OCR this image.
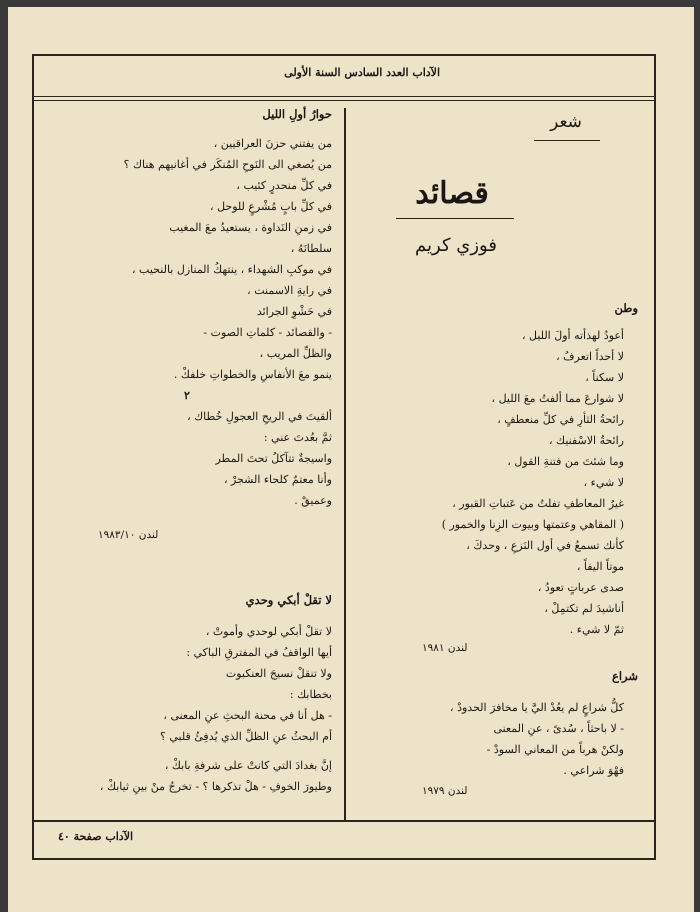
الآداب العدد السادس السنة الأولى
شعر
قصائد
فوزي كريم
وطن
أعودُ لهذأته أولَ الليل ،
لا أحداً اتعرفُ ،
لا سكناً ،
لا شوارعَ مما ألفتُ معَ الليل ،
رائحةُ الثأرِ في كلِّ منعطفٍ ،
رائحةُ الاسْفنيك ،
وما شئتَ من فتنةِ القول ،
لا شيء ،
غيرُ المعاطفِ تفلتُ من عَتباتِ القبور ،
( المقاهي وعتمتها وبيوت الزِنا والخمور )
كأنك تسمعُ في أول النَزعِ ، وحدكَ ،
موتاً اليفاً ،
صدى عرباتٍ تعودُ ،
أناشيدَ لم تكتمِلْ ،
ثمّ لا شيء .
لندن ١٩٨١
شراع
كلُّ شراعٍ لم يعُدْ اليَّ يا مخافرَ الحدودْ ،
- لا باحثاً ، سُدىً ، عنِ المعنى
ولكنْ هرباً من المعاني السودْ -
فهْوَ شراعي .
لندن ١٩٧٩
حوارُ أولِ الليل
من يفتني حزنَ العراقيين ،
من يُصغي الى النَوحِ المُنكَر في أغانيهم هناك ؟
في كلِّ منحدرٍ كئيب ،
في كلِّ بابٍ مُشْرعٍ للوحل ،
في زمنِ النَداوة ، يستعيدُ معَ المغيب
سلطانَهُ ،
في موكبِ الشهداء ، ينتهكُ المنازل بالنحيب ،
في رايةِ الاسمنت ،
في حَشْوِ الجرائد
- والقصائد - كلماتِ الصوت -
والظلِّ المريب ،
ينمو معَ الأنفاسِ والخطواتِ خلفكْ .
٢
ألقيتَ في الريحِ العجولِ خُطاك ،
ثمَّ بعُدتَ عني :
واسيجةٌ تتآكلُ تحتَ المطر
وأنا معتمٌ كلحاء الشجرْ ،
وعميقْ .
لندن ١٩٨٣/١٠
لا تقلْ أبكي وحدي
لا تقلْ أبكي لوحدي وأموتْ ،
أيها الواقفُ في المفترقِ الباكي :
ولا تنقلْ نسيجَ العنكبوت
بخطابك :
- هل أنا في محنة البحثِ عنِ المعنى ،
أم البحثُ عنِ الظلِّ الذي يُدفِئُ قلبي ؟
إنَّ بغدادَ التي كانتْ على شرفةِ بابكْ ،
وطيورَ الخوفِ - هلْ تذكرها ؟ - تخرجُ منْ بينِ ثيابكْ ،
الآداب صفحة ٤٠
